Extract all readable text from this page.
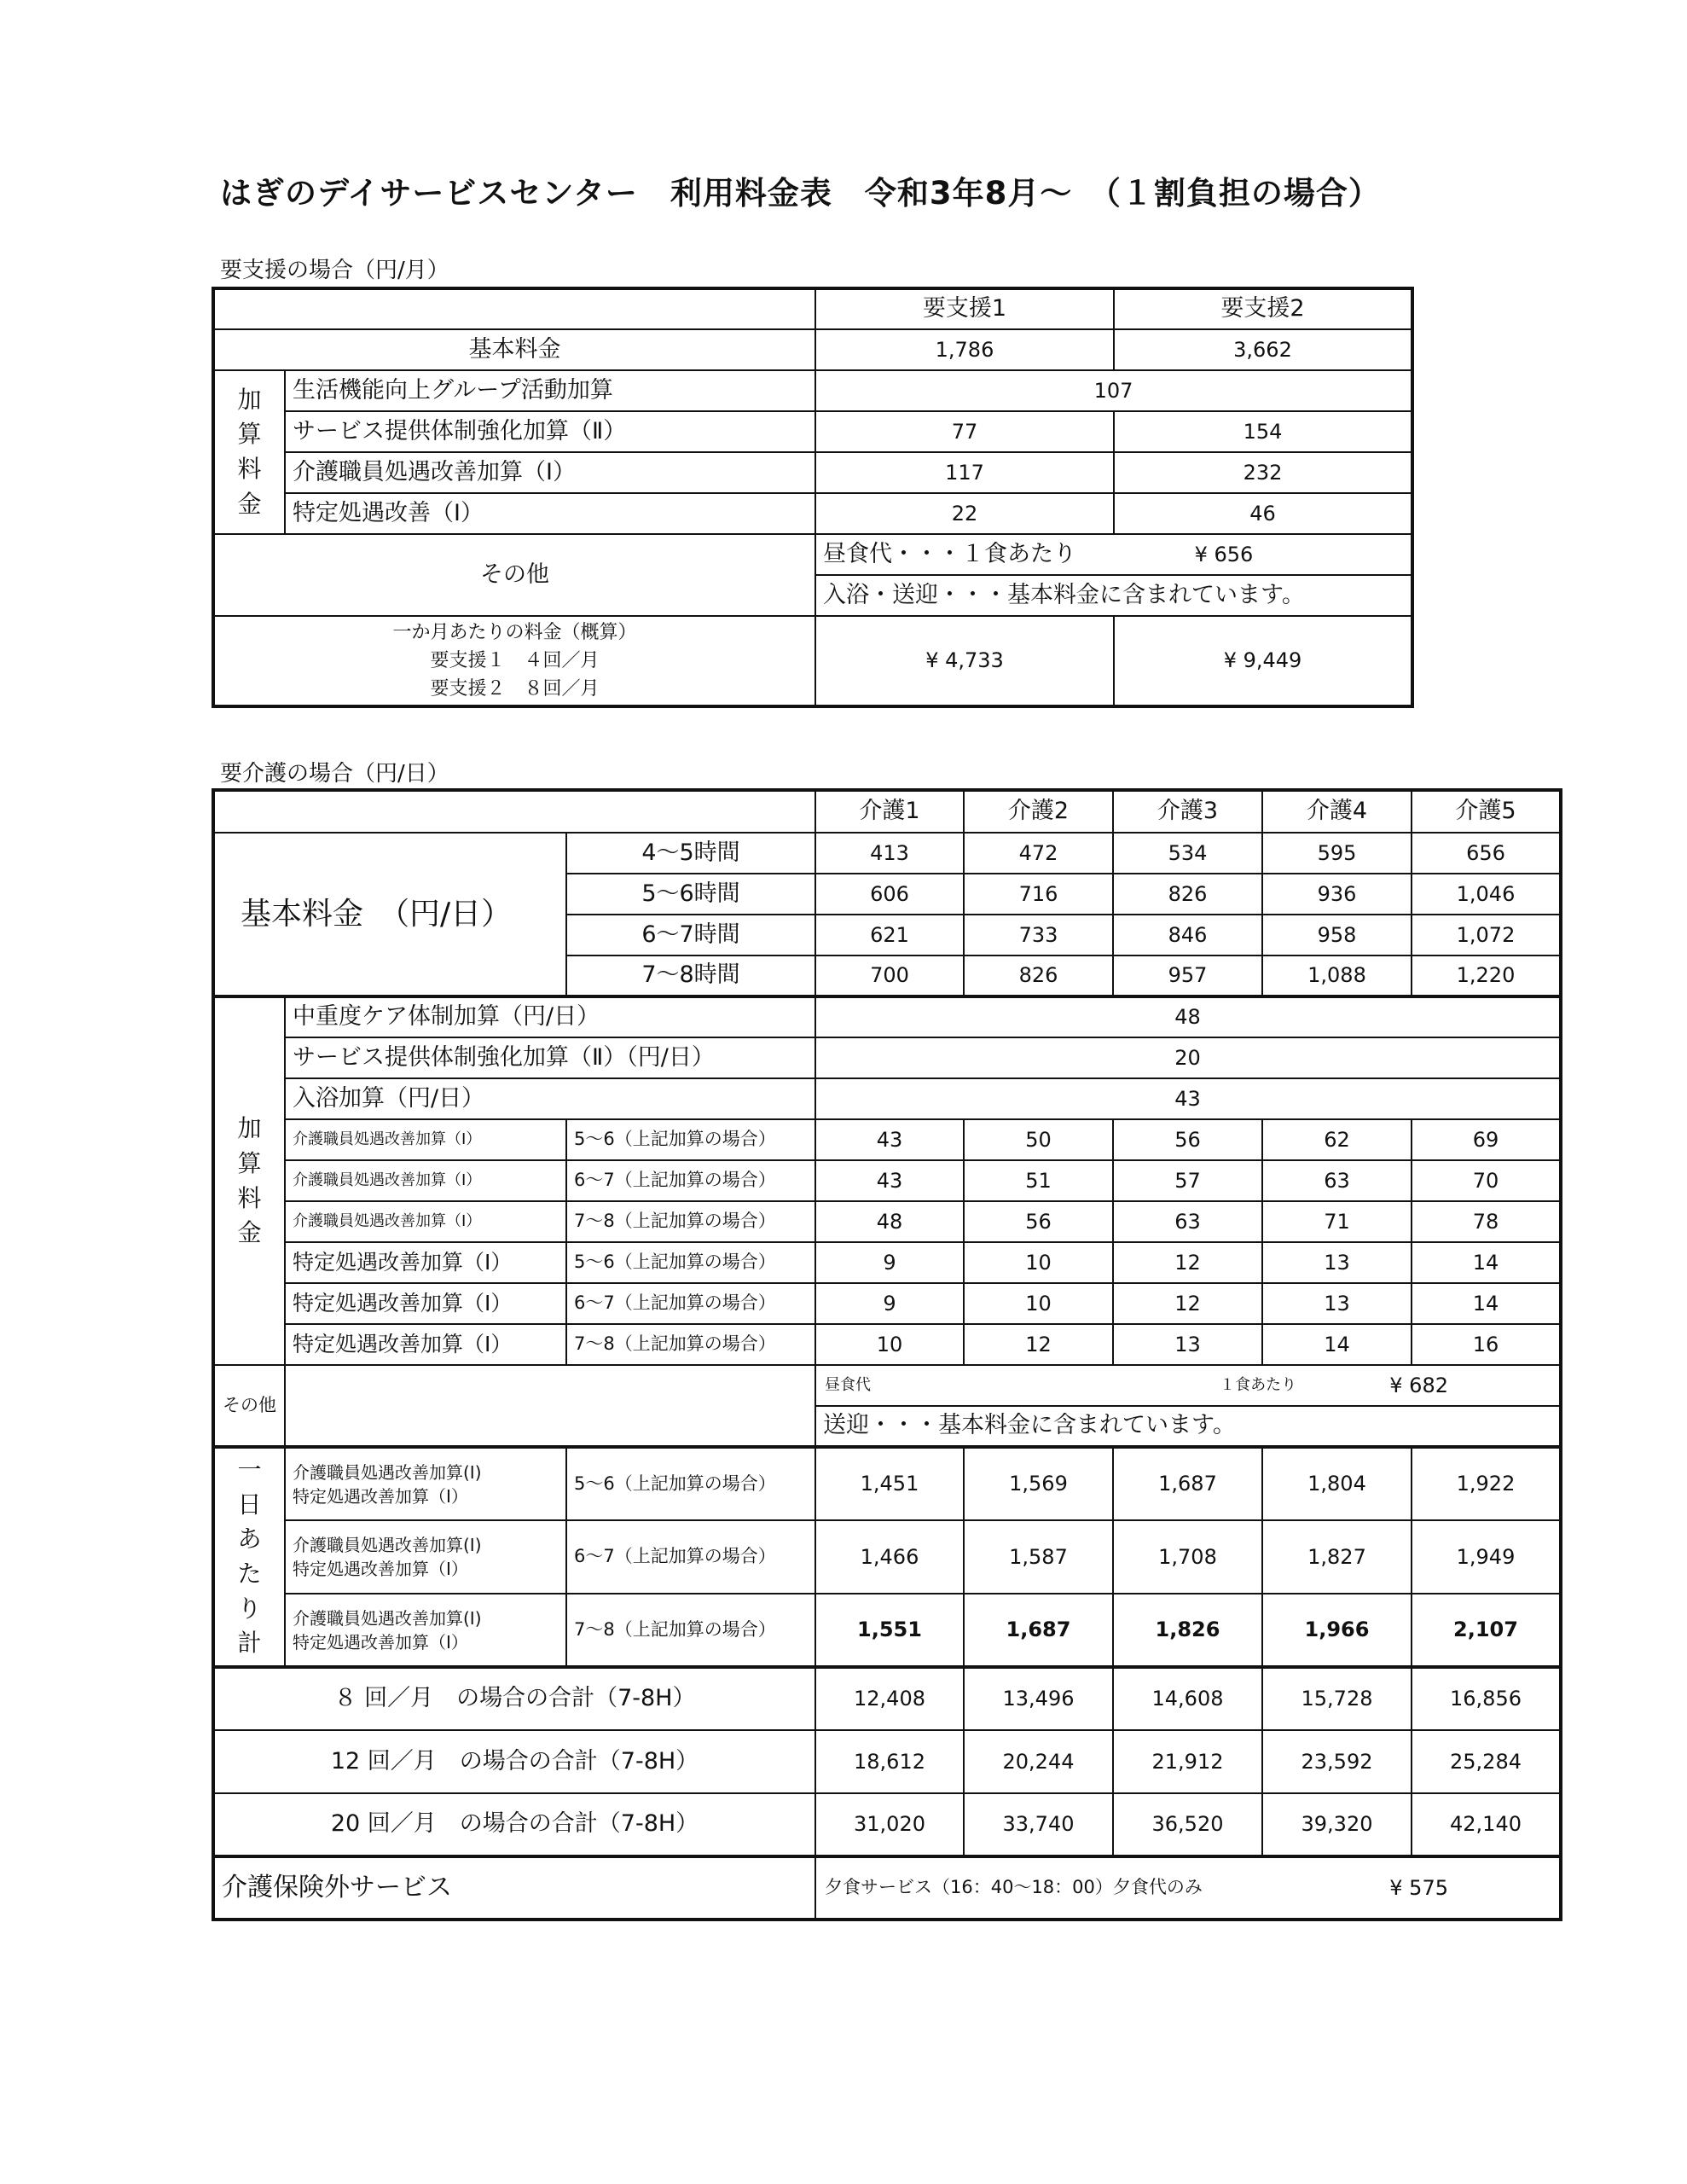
はぎのデイサービスセンター　利用料金表　令和3年8月～　（１割負担の場合）
要支援の場合（円/月）
		要支援1	要支援2
基本料金		1,786	3,662
加算料金	生活機能向上グループ活動加算	107	
	サービス提供体制強化加算（Ⅱ）	77	154
	介護職員処遇改善加算（Ⅰ）	117	232
	特定処遇改善（Ⅰ）	22	46
その他		昼食代・・・１食あたり ¥ 656	
		入浴・送迎・・・基本料金に含まれています。	

一か月あたりの料金（概算）
要支援１　４回／月
要支援２　８回／月		¥ 4,733	¥ 9,449
要介護の場合（円/日）
			介護1	介護2	介護3	介護4	介護5
基本料金　（円/日）		4～5時間	413	472	534	595	656
		5～6時間	606	716	826	936	1,046
		6～7時間	621	733	846	958	1,072
		7～8時間	700	826	957	1,088	1,220
加算料金	中重度ケア体制加算（円/日）		48				
	サービス提供体制強化加算（Ⅱ）（円/日）		20				
	入浴加算（円/日）		43				
	介護職員処遇改善加算（Ⅰ）	5～6（上記加算の場合）	43	50	56	62	69
	介護職員処遇改善加算（Ⅰ）	6～7（上記加算の場合）	43	51	57	63	70
	介護職員処遇改善加算（Ⅰ）	7～8（上記加算の場合）	48	56	63	71	78
	特定処遇改善加算（Ⅰ）	5～6（上記加算の場合）	9	10	12	13	14
	特定処遇改善加算（Ⅰ）	6～7（上記加算の場合）	9	10	12	13	14
	特定処遇改善加算（Ⅰ）	7～8（上記加算の場合）	10	12	13	14	16
その他			昼食代 １食あたり ¥ 682				

			送迎・・・基本料金に含まれています。				
一日あたり計	介護職員処遇改善加算(Ⅰ)
特定処遇改善加算（Ⅰ）	5～6（上記加算の場合）	1,451	1,569	1,687	1,804	1,922

	介護職員処遇改善加算(Ⅰ)
特定処遇改善加算（Ⅰ）	6～7（上記加算の場合）	1,466	1,587	1,708	1,827	1,949

	介護職員処遇改善加算(Ⅰ)
特定処遇改善加算（Ⅰ）	7～8（上記加算の場合）	1,551	1,687	1,826	1,966	2,107
８ 回／月　の場合の合計（7-8H）			12,408	13,496	14,608	15,728	16,856
12 回／月　の場合の合計（7-8H）			18,612	20,244	21,912	23,592	25,284
20 回／月　の場合の合計（7-8H）			31,020	33,740	36,520	39,320	42,140
介護保険外サービス			夕食サービス（16：40～18：00）夕食代のみ ¥ 575				
